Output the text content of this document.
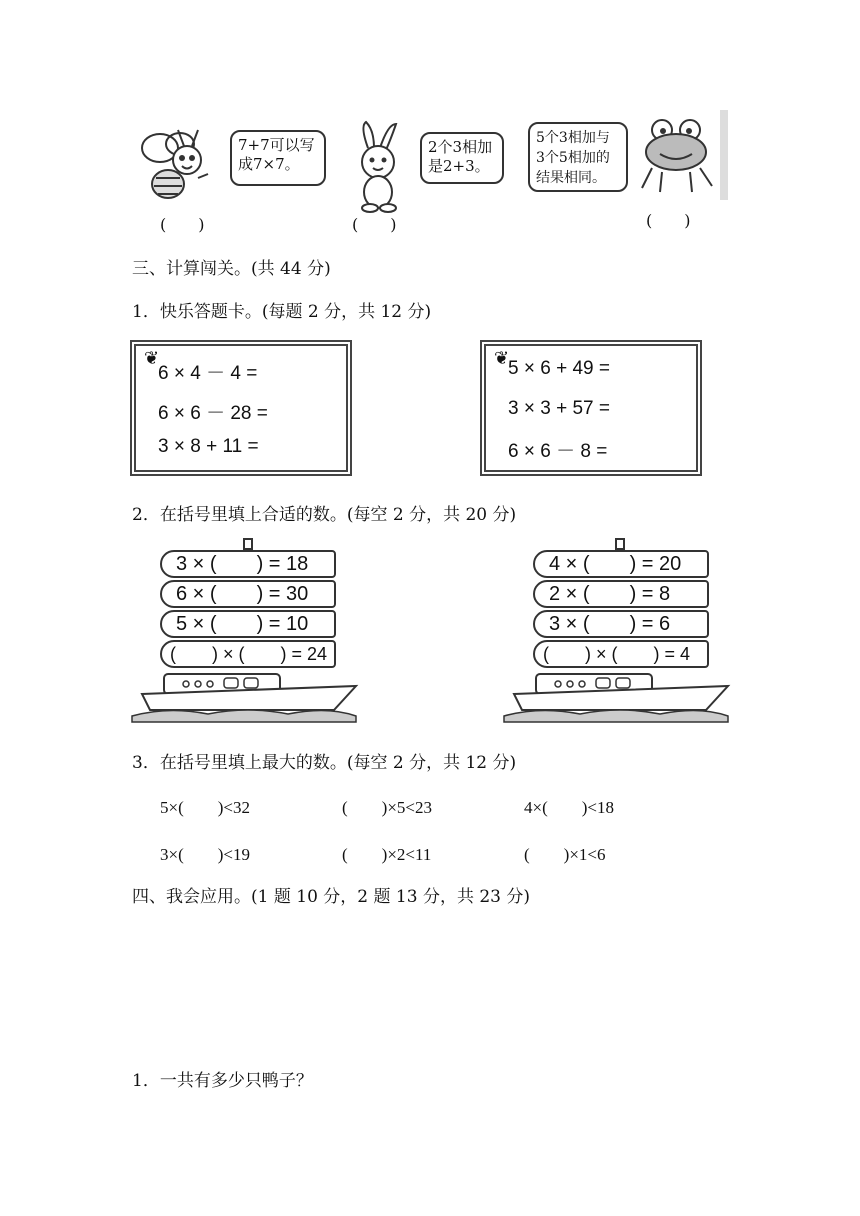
7+7可以写
成7×7。
(　　)
2个3相加
是2+3。
(　　)
5个3相加与
3个5相加的
结果相同。
(　　)
三、计算闯关。(共 44 分)
1．快乐答题卡。(每题 2 分，共 12 分)
❦
6 × 4 － 4 =
6 × 6 － 28 =
3 × 8 + 11 =
❦
5 × 6 + 49 =
3 × 3 + 57 =
6 × 6 － 8 =
2．在括号里填上合适的数。(每空 2 分，共 20 分)
3 × (　　) = 18
6 × (　　) = 30
5 × (　　) = 10
(　　) × (　　) = 24
4 × (　　) = 20
2 × (　　) = 8
3 × (　　) = 6
(　　) × (　　) = 4
3．在括号里填上最大的数。(每空 2 分，共 12 分)
5×(　　)<32	(　　)×5<23	4×(　　)<18
3×(　　)<19	(　　)×2<11	(　　)×1<6
四、我会应用。(1 题 10 分，2 题 13 分，共 23 分)
1．一共有多少只鸭子？
